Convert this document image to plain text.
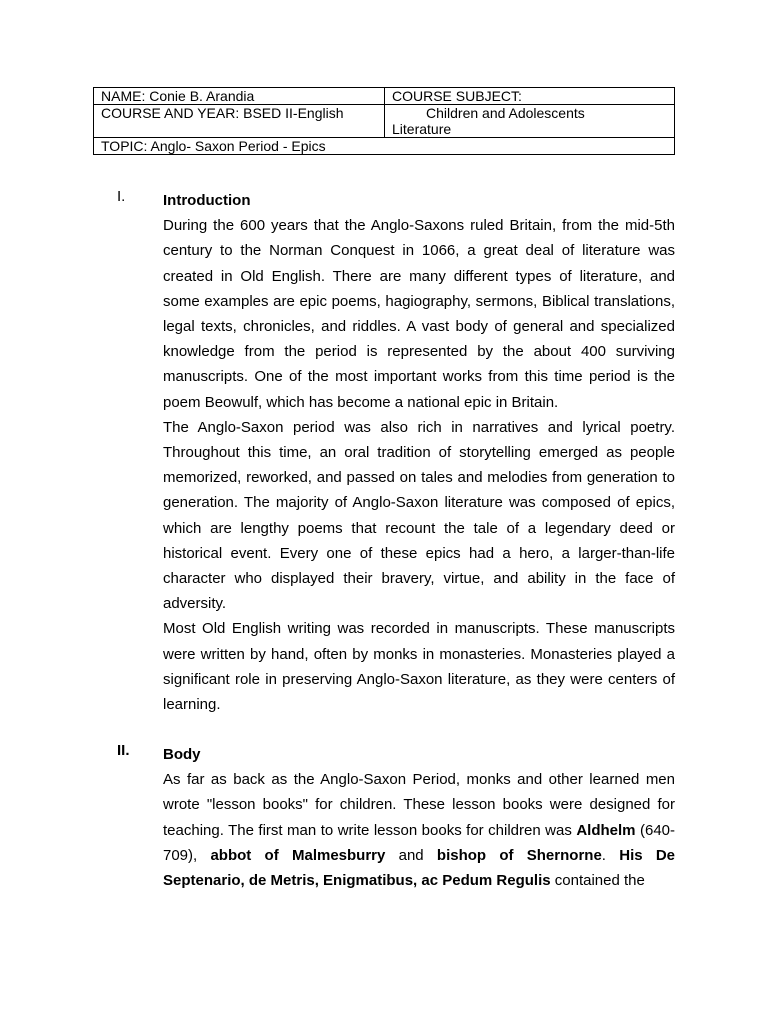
NAME: Conie B. Arandia	COURSE SUBJECT:
COURSE AND YEAR: BSED II-English	Children and Adolescents
Literature

TOPIC: Anglo- Saxon Period - Epics	
I.	Introduction

During the 600 years that the Anglo-Saxons ruled Britain, from the mid-5th century to the Norman Conquest in 1066, a great deal of literature was created in Old English. There are many different types of literature, and some examples are epic poems, hagiography, sermons, Biblical translations, legal texts, chronicles, and riddles. A vast body of general and specialized knowledge from the period is represented by the about 400 surviving manuscripts. One of the most important works from this time period is the poem Beowulf, which has become a national epic in Britain.

The Anglo-Saxon period was also rich in narratives and lyrical poetry. Throughout this time, an oral tradition of storytelling emerged as people memorized, reworked, and passed on tales and melodies from generation to generation. The majority of Anglo-Saxon literature was composed of epics, which are lengthy poems that recount the tale of a legendary deed or historical event. Every one of these epics had a hero, a larger-than-life character who displayed their bravery, virtue, and ability in the face of adversity.

Most Old English writing was recorded in manuscripts. These manuscripts were written by hand, often by monks in monasteries. Monasteries played a significant role in preserving Anglo-Saxon literature, as they were centers of learning.

II. Body

As far as back as the Anglo-Saxon Period, monks and other learned men wrote "lesson books" for children. These lesson books were designed for teaching. The first man to write lesson books for children was Aldhelm (640-709), abbot of Malmesburry and bishop of Shernorne. His De Septenario, de Metris, Enigmatibus, ac Pedum Regulis contained the
